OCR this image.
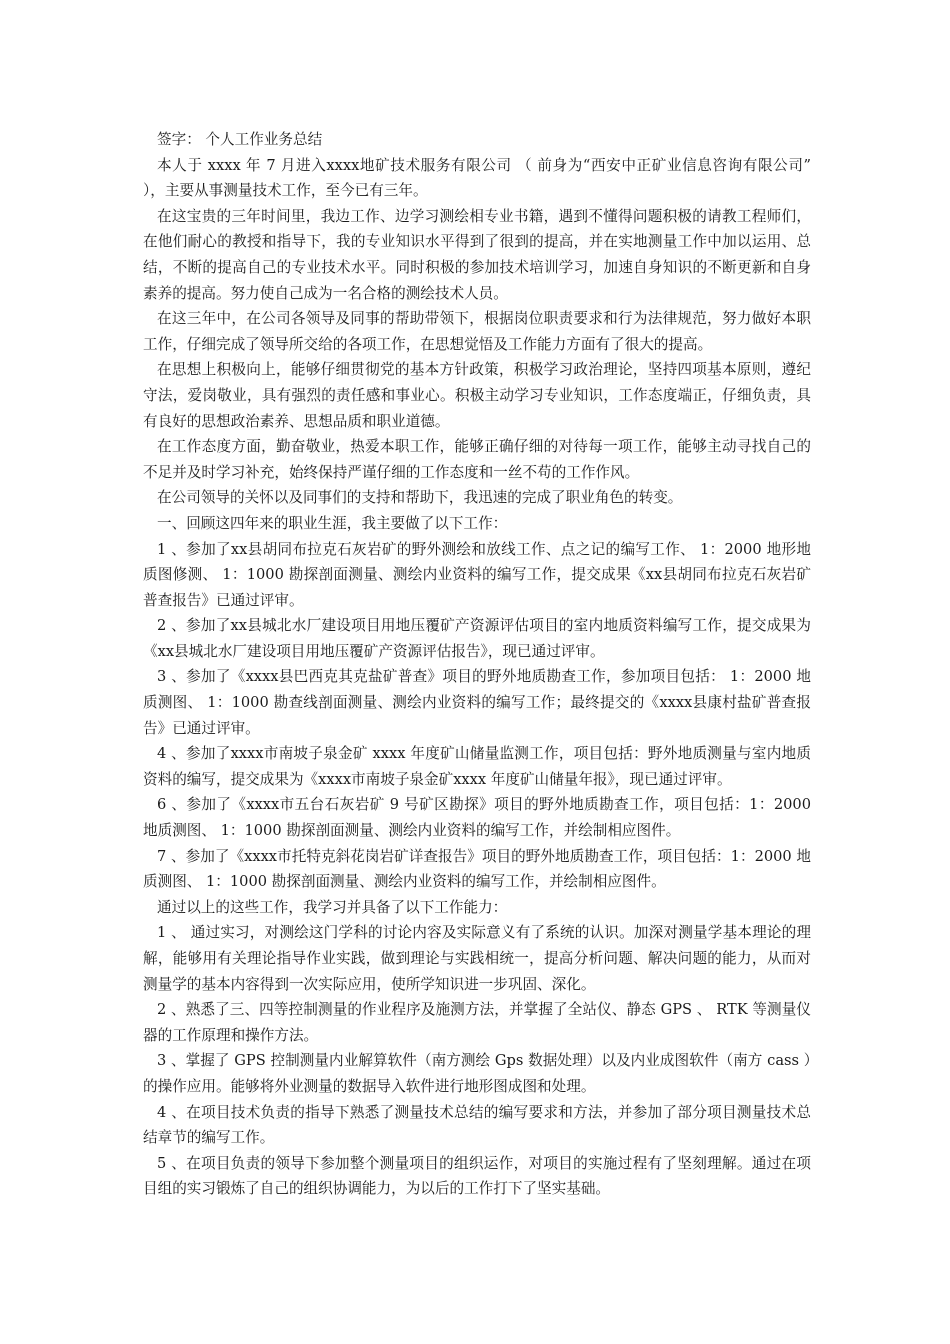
签字： 个人工作业务总结

本人于 xxxx 年 7 月进入xxxx地矿技术服务有限公司 （ 前身为“西安中正矿业信息咨询有限公司” ），主要从事测量技术工作，至今已有三年。

在这宝贵的三年时间里，我边工作、边学习测绘相专业书籍，遇到不懂得问题积极的请教工程师们，在他们耐心的教授和指导下，我的专业知识水平得到了很到的提高，并在实地测量工作中加以运用、总结，不断的提高自己的专业技术水平。同时积极的参加技术培训学习，加速自身知识的不断更新和自身素养的提高。努力使自己成为一名合格的测绘技术人员。

在这三年中，在公司各领导及同事的帮助带领下，根据岗位职责要求和行为法律规范，努力做好本职工作，仔细完成了领导所交给的各项工作，在思想觉悟及工作能力方面有了很大的提高。

在思想上积极向上，能够仔细贯彻党的基本方针政策，积极学习政治理论，坚持四项基本原则，遵纪守法，爱岗敬业，具有强烈的责任感和事业心。积极主动学习专业知识，工作态度端正，仔细负责，具有良好的思想政治素养、思想品质和职业道德。

在工作态度方面，勤奋敬业，热爱本职工作，能够正确仔细的对待每一项工作，能够主动寻找自己的不足并及时学习补充，始终保持严谨仔细的工作态度和一丝不苟的工作作风。

在公司领导的关怀以及同事们的支持和帮助下，我迅速的完成了职业角色的转变。

一、回顾这四年来的职业生涯，我主要做了以下工作：

1 、参加了xx县胡同布拉克石灰岩矿的野外测绘和放线工作、点之记的编写工作、 1：2000 地形地质图修测、 1：1000 勘探剖面测量、测绘内业资料的编写工作，提交成果《xx县胡同布拉克石灰岩矿普查报告》已通过评审。

2 、参加了xx县城北水厂建设项目用地压覆矿产资源评估项目的室内地质资料编写工作，提交成果为《xx县城北水厂建设项目用地压覆矿产资源评估报告》，现已通过评审。

3 、参加了《xxxx县巴西克其克盐矿普查》项目的野外地质勘查工作，参加项目包括： 1：2000 地质测图、 1：1000 勘查线剖面测量、测绘内业资料的编写工作；最终提交的《xxxx县康村盐矿普查报告》已通过评审。

4 、参加了xxxx市南坡子泉金矿 xxxx 年度矿山储量监测工作，项目包括：野外地质测量与室内地质资料的编写，提交成果为《xxxx市南坡子泉金矿xxxx 年度矿山储量年报》，现已通过评审。

6 、参加了《xxxx市五台石灰岩矿 9 号矿区勘探》项目的野外地质勘查工作，项目包括：1：2000 地质测图、 1：1000 勘探剖面测量、测绘内业资料的编写工作，并绘制相应图件。

7 、参加了《xxxx市托特克斜花岗岩矿详查报告》项目的野外地质勘查工作，项目包括：1：2000 地质测图、 1：1000 勘探剖面测量、测绘内业资料的编写工作，并绘制相应图件。

通过以上的这些工作，我学习并具备了以下工作能力：

1 、 通过实习，对测绘这门学科的讨论内容及实际意义有了系统的认识。加深对测量学基本理论的理解，能够用有关理论指导作业实践，做到理论与实践相统一，提高分析问题、解决问题的能力，从而对测量学的基本内容得到一次实际应用，使所学知识进一步巩固、深化。

2 、熟悉了三、四等控制测量的作业程序及施测方法，并掌握了全站仪、静态 GPS 、 RTK 等测量仪器的工作原理和操作方法。

3 、掌握了 GPS 控制测量内业解算软件（南方测绘 Gps 数据处理）以及内业成图软件（南方 cass ）的操作应用。能够将外业测量的数据导入软件进行地形图成图和处理。

4 、在项目技术负责的指导下熟悉了测量技术总结的编写要求和方法，并参加了部分项目测量技术总结章节的编写工作。

5 、在项目负责的领导下参加整个测量项目的组织运作，对项目的实施过程有了坚刻理解。通过在项目组的实习锻炼了自己的组织协调能力，为以后的工作打下了坚实基础。
